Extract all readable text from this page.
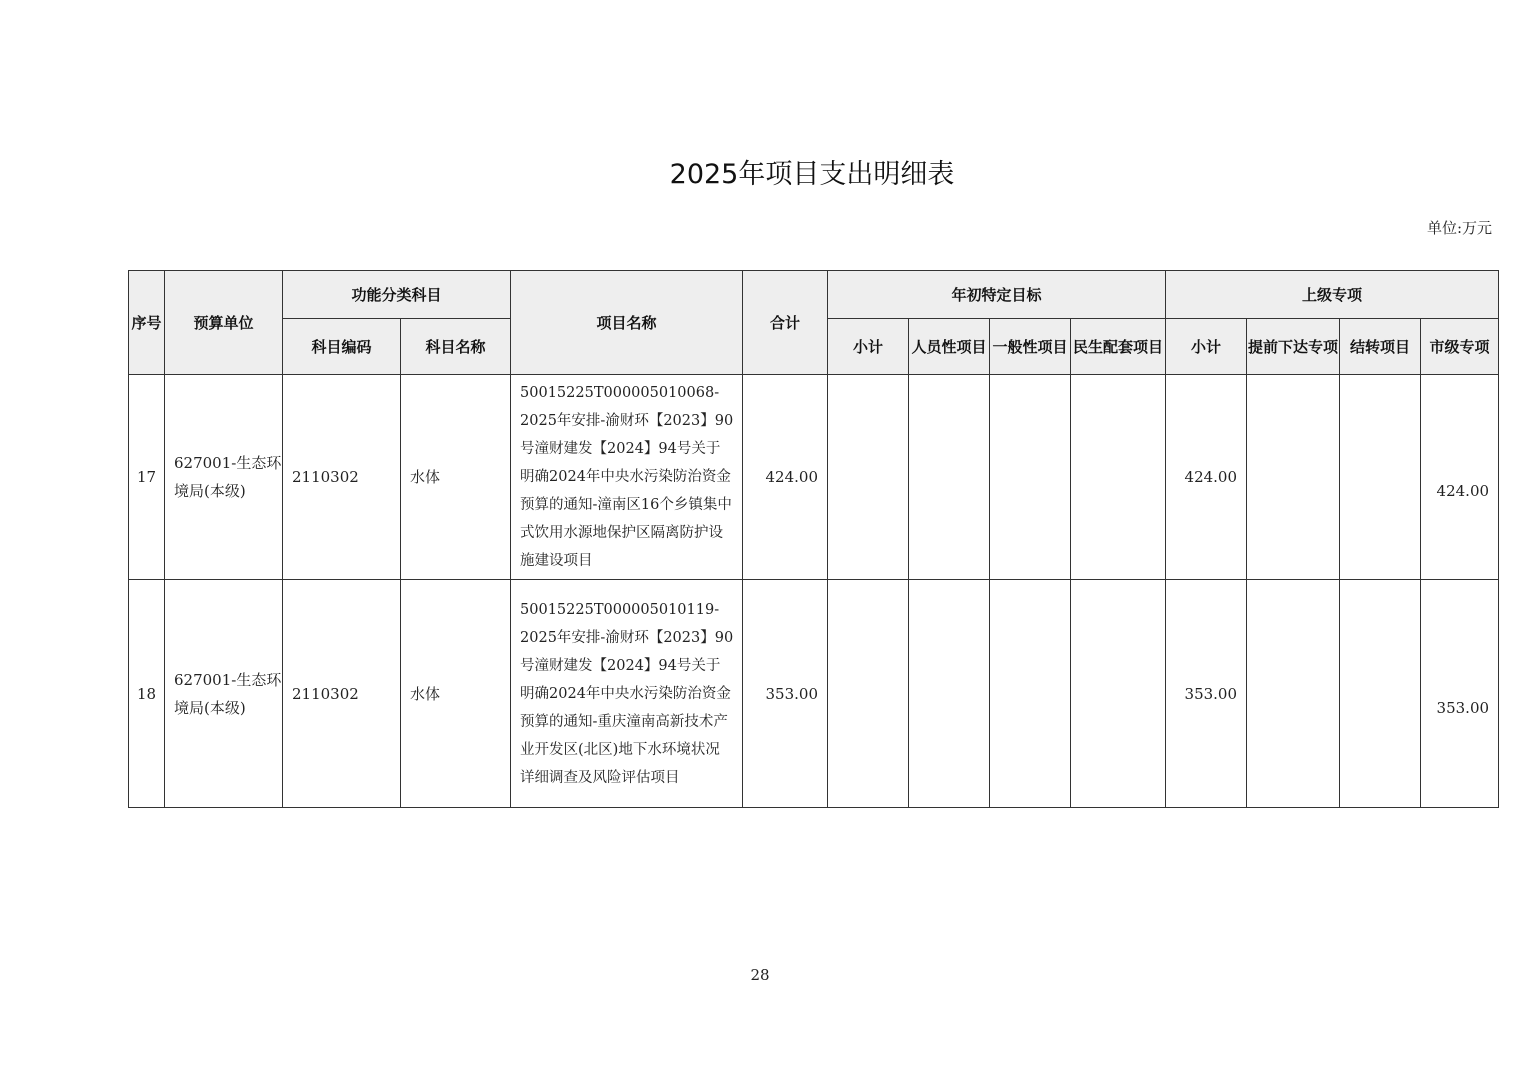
2025年项目支出明细表
单位:万元
序号	预算单位	功能分类科目		项目名称	合计	年初特定目标				上级专项			
		科目编码	科目名称			小计	人员性项目	一般性项目	民生配套项目	小计	提前下达专项	结转项目	市级专项
17	627001-生态环境局(本级)	2110302	水体	50015225T000005010068-2025年安排-渝财环【2023】90号潼财建发【2024】94号关于明确2024年中央水污染防治资金预算的通知-潼南区16个乡镇集中式饮用水源地保护区隔离防护设施建设项目	424.00					424.00			424.00
18	627001-生态环境局(本级)	2110302	水体	50015225T000005010119-2025年安排-渝财环【2023】90号潼财建发【2024】94号关于明确2024年中央水污染防治资金预算的通知-重庆潼南高新技术产业开发区(北区)地下水环境状况详细调查及风险评估项目	353.00					353.00			353.00
28
